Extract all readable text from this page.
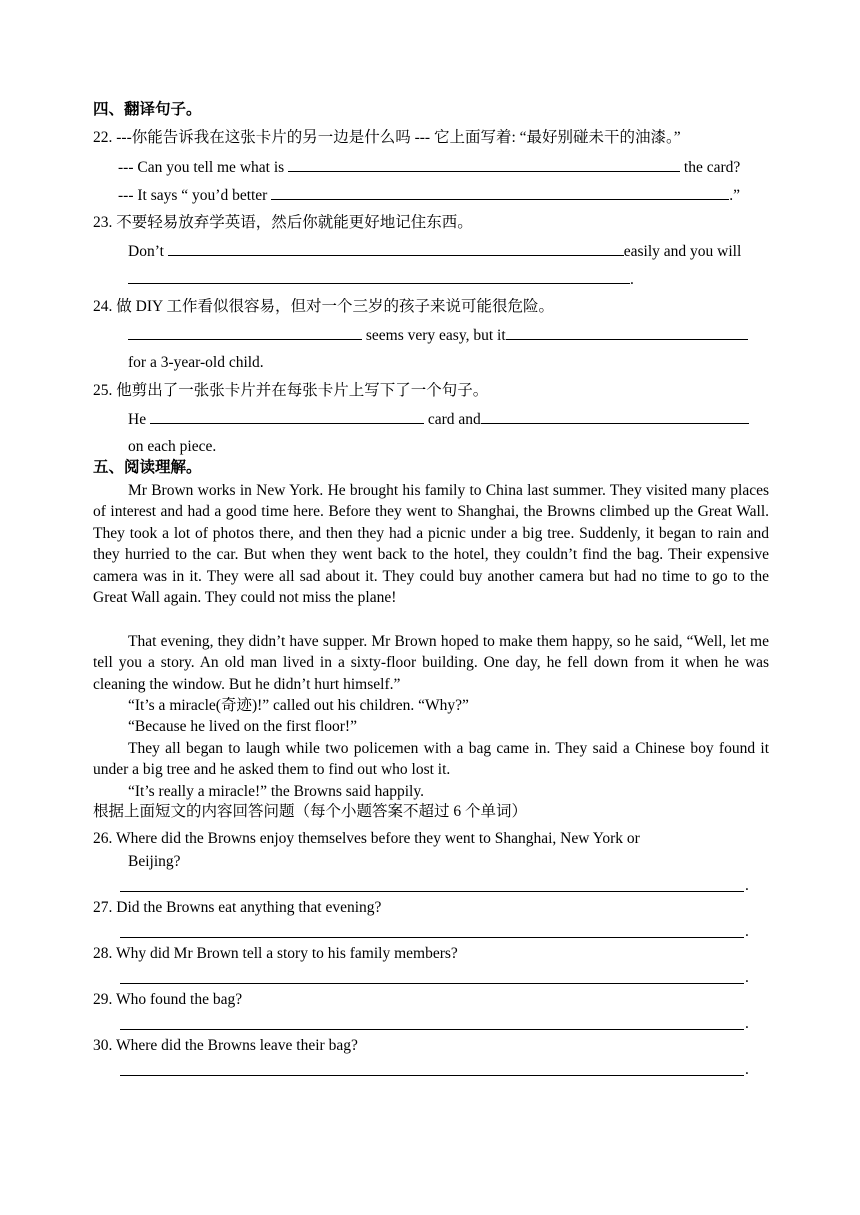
四、翻译句子。
22. ---你能告诉我在这张卡片的另一边是什么吗 --- 它上面写着: “最好别碰未干的油漆。”
--- Can you tell me what is	the card?
--- It says “ you’d better	.”
23. 不要轻易放弃学英语，然后你就能更好地记住东西。
Don’t	easily and you will
.
24. 做 DIY 工作看似很容易，但对一个三岁的孩子来说可能很危险。
seems very easy, but it
for a 3-year-old child.
25. 他剪出了一张张卡片并在每张卡片上写下了一个句子。
He	card and
on each piece.
五、阅读理解。
Mr Brown works in New York. He brought his family to China last summer. They visited many places of interest and had a good time here. Before they went to Shanghai, the Browns climbed up the Great Wall. They took a lot of photos there, and then they had a picnic under a big tree. Suddenly, it began to rain and they hurried to the car. But when they went back to the hotel, they couldn’t find the bag. Their expensive camera was in it. They were all sad about it. They could buy another camera but had no time to go to the Great Wall again. They could not miss the plane!
That evening, they didn’t have supper. Mr Brown hoped to make them happy, so he said, “Well, let me tell you a story. An old man lived in a sixty-floor building. One day, he fell down from it when he was cleaning the window. But he didn’t hurt himself.”
“It’s a miracle(奇迹)!” called out his children. “Why?”
“Because he lived on the first floor!”
They all began to laugh while two policemen with a bag came in. They said a Chinese boy found it under a big tree and he asked them to find out who lost it.
“It’s really a miracle!” the Browns said happily.
根据上面短文的内容回答问题（每个小题答案不超过 6 个单词）
26. Where did the Browns enjoy themselves before they went to Shanghai, New York or
Beijing?
.
27. Did the Browns eat anything that evening?
.
28. Why did Mr Brown tell a story to his family members?
.
29. Who found the bag?
.
30. Where did the Browns leave their bag?
.
